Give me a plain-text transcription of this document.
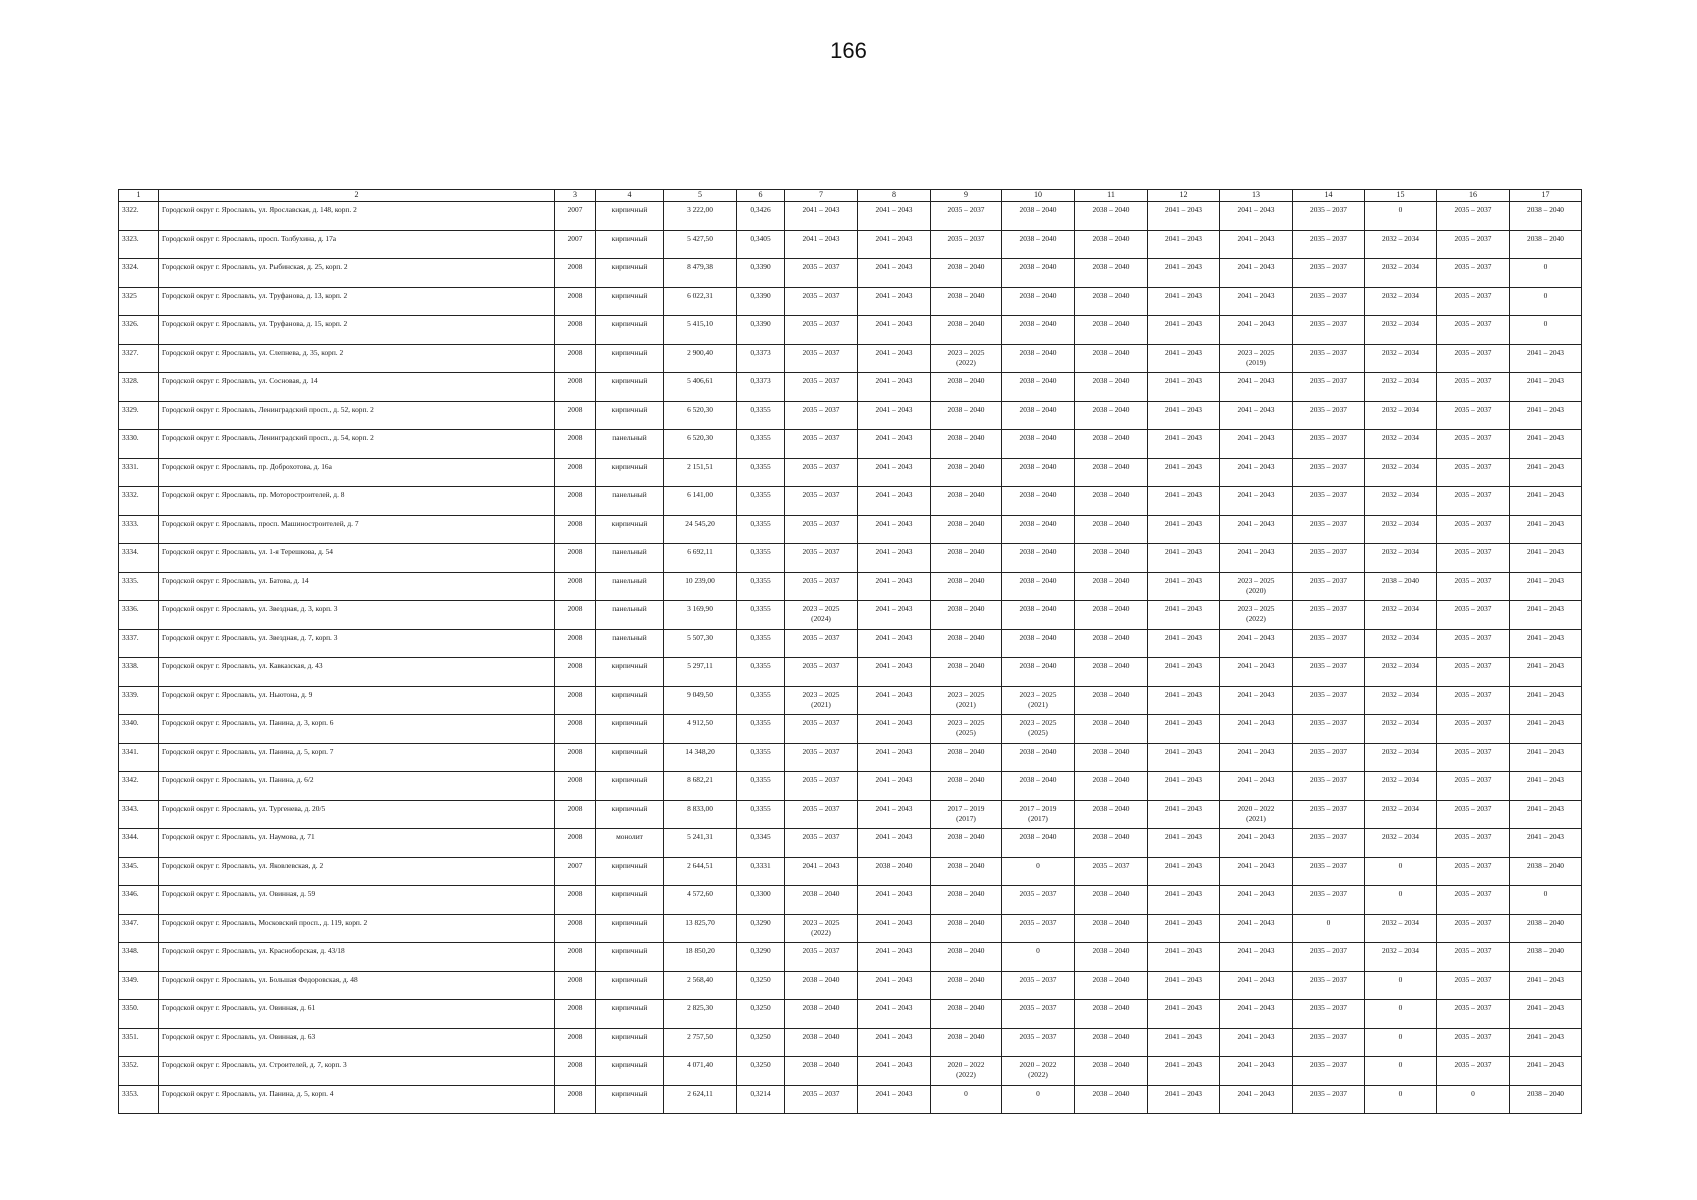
166
1	2	3	4	5	6	7	8	9	10	11	12	13	14	15	16	17

3322.	Городской округ г. Ярославль, ул. Ярославская, д. 148, корп. 2	2007	кирпичный	3 222,00	0,3426	2041 – 2043	2041 – 2043	2035 – 2037	2038 – 2040	2038 – 2040	2041 – 2043	2041 – 2043	2035 – 2037	0	2035 – 2037	2038 – 2040

3323.	Городской округ г. Ярославль, просп. Толбухина, д. 17а	2007	кирпичный	5 427,50	0,3405	2041 – 2043	2041 – 2043	2035 – 2037	2038 – 2040	2038 – 2040	2041 – 2043	2041 – 2043	2035 – 2037	2032 – 2034	2035 – 2037	2038 – 2040

3324.	Городской округ г. Ярославль, ул. Рыбинская, д. 25, корп. 2	2008	кирпичный	8 479,38	0,3390	2035 – 2037	2041 – 2043	2038 – 2040	2038 – 2040	2038 – 2040	2041 – 2043	2041 – 2043	2035 – 2037	2032 – 2034	2035 – 2037	0

3325	Городской округ г. Ярославль, ул. Труфанова, д. 13, корп. 2	2008	кирпичный	6 022,31	0,3390	2035 – 2037	2041 – 2043	2038 – 2040	2038 – 2040	2038 – 2040	2041 – 2043	2041 – 2043	2035 – 2037	2032 – 2034	2035 – 2037	0

3326.	Городской округ г. Ярославль, ул. Труфанова, д. 15, корп. 2	2008	кирпичный	5 415,10	0,3390	2035 – 2037	2041 – 2043	2038 – 2040	2038 – 2040	2038 – 2040	2041 – 2043	2041 – 2043	2035 – 2037	2032 – 2034	2035 – 2037	0

3327.	Городской округ г. Ярославль, ул. Слепнева, д. 35, корп. 2	2008	кирпичный	2 900,40	0,3373	2035 – 2037	2041 – 2043	2023 – 2025
(2022)	2038 – 2040	2038 – 2040	2041 – 2043	2023 – 2025
(2019)	2035 – 2037	2032 – 2034	2035 – 2037	2041 – 2043

3328.	Городской округ г. Ярославль, ул. Сосновая, д. 14	2008	кирпичный	5 406,61	0,3373	2035 – 2037	2041 – 2043	2038 – 2040	2038 – 2040	2038 – 2040	2041 – 2043	2041 – 2043	2035 – 2037	2032 – 2034	2035 – 2037	2041 – 2043

3329.	Городской округ г. Ярославль, Ленинградский просп., д. 52, корп. 2	2008	кирпичный	6 520,30	0,3355	2035 – 2037	2041 – 2043	2038 – 2040	2038 – 2040	2038 – 2040	2041 – 2043	2041 – 2043	2035 – 2037	2032 – 2034	2035 – 2037	2041 – 2043

3330.	Городской округ г. Ярославль, Ленинградский просп., д. 54, корп. 2	2008	панельный	6 520,30	0,3355	2035 – 2037	2041 – 2043	2038 – 2040	2038 – 2040	2038 – 2040	2041 – 2043	2041 – 2043	2035 – 2037	2032 – 2034	2035 – 2037	2041 – 2043

3331.	Городской округ г. Ярославль, пр. Доброхотова, д. 16а	2008	кирпичный	2 151,51	0,3355	2035 – 2037	2041 – 2043	2038 – 2040	2038 – 2040	2038 – 2040	2041 – 2043	2041 – 2043	2035 – 2037	2032 – 2034	2035 – 2037	2041 – 2043

3332.	Городской округ г. Ярославль, пр. Моторостроителей, д. 8	2008	панельный	6 141,00	0,3355	2035 – 2037	2041 – 2043	2038 – 2040	2038 – 2040	2038 – 2040	2041 – 2043	2041 – 2043	2035 – 2037	2032 – 2034	2035 – 2037	2041 – 2043

3333.	Городской округ г. Ярославль, просп. Машиностроителей, д. 7	2008	кирпичный	24 545,20	0,3355	2035 – 2037	2041 – 2043	2038 – 2040	2038 – 2040	2038 – 2040	2041 – 2043	2041 – 2043	2035 – 2037	2032 – 2034	2035 – 2037	2041 – 2043

3334.	Городской округ г. Ярославль, ул. 1-я Терешкова, д. 54	2008	панельный	6 692,11	0,3355	2035 – 2037	2041 – 2043	2038 – 2040	2038 – 2040	2038 – 2040	2041 – 2043	2041 – 2043	2035 – 2037	2032 – 2034	2035 – 2037	2041 – 2043

3335.	Городской округ г. Ярославль, ул. Батова, д. 14	2008	панельный	10 239,00	0,3355	2035 – 2037	2041 – 2043	2038 – 2040	2038 – 2040	2038 – 2040	2041 – 2043	2023 – 2025
(2020)	2035 – 2037	2038 – 2040	2035 – 2037	2041 – 2043

3336.	Городской округ г. Ярославль, ул. Звездная, д. 3, корп. 3	2008	панельный	3 169,90	0,3355	2023 – 2025
(2024)	2041 – 2043	2038 – 2040	2038 – 2040	2038 – 2040	2041 – 2043	2023 – 2025
(2022)	2035 – 2037	2032 – 2034	2035 – 2037	2041 – 2043

3337.	Городской округ г. Ярославль, ул. Звездная, д. 7, корп. 3	2008	панельный	5 507,30	0,3355	2035 – 2037	2041 – 2043	2038 – 2040	2038 – 2040	2038 – 2040	2041 – 2043	2041 – 2043	2035 – 2037	2032 – 2034	2035 – 2037	2041 – 2043

3338.	Городской округ г. Ярославль, ул. Кавказская, д. 43	2008	кирпичный	5 297,11	0,3355	2035 – 2037	2041 – 2043	2038 – 2040	2038 – 2040	2038 – 2040	2041 – 2043	2041 – 2043	2035 – 2037	2032 – 2034	2035 – 2037	2041 – 2043

3339.	Городской округ г. Ярославль, ул. Ньютона, д. 9	2008	кирпичный	9 049,50	0,3355	2023 – 2025
(2021)	2041 – 2043	2023 – 2025
(2021)	2023 – 2025
(2021)	2038 – 2040	2041 – 2043	2041 – 2043	2035 – 2037	2032 – 2034	2035 – 2037	2041 – 2043

3340.	Городской округ г. Ярославль, ул. Панина, д. 3, корп. 6	2008	кирпичный	4 912,50	0,3355	2035 – 2037	2041 – 2043	2023 – 2025
(2025)	2023 – 2025
(2025)	2038 – 2040	2041 – 2043	2041 – 2043	2035 – 2037	2032 – 2034	2035 – 2037	2041 – 2043

3341.	Городской округ г. Ярославль, ул. Панина, д. 5, корп. 7	2008	кирпичный	14 348,20	0,3355	2035 – 2037	2041 – 2043	2038 – 2040	2038 – 2040	2038 – 2040	2041 – 2043	2041 – 2043	2035 – 2037	2032 – 2034	2035 – 2037	2041 – 2043

3342.	Городской округ г. Ярославль, ул. Панина, д. 6/2	2008	кирпичный	8 682,21	0,3355	2035 – 2037	2041 – 2043	2038 – 2040	2038 – 2040	2038 – 2040	2041 – 2043	2041 – 2043	2035 – 2037	2032 – 2034	2035 – 2037	2041 – 2043

3343.	Городской округ г. Ярославль, ул. Тургенева, д. 20/5	2008	кирпичный	8 833,00	0,3355	2035 – 2037	2041 – 2043	2017 – 2019
(2017)	2017 – 2019
(2017)	2038 – 2040	2041 – 2043	2020 – 2022
(2021)	2035 – 2037	2032 – 2034	2035 – 2037	2041 – 2043

3344.	Городской округ г. Ярославль, ул. Наумова, д. 71	2008	монолит	5 241,31	0,3345	2035 – 2037	2041 – 2043	2038 – 2040	2038 – 2040	2038 – 2040	2041 – 2043	2041 – 2043	2035 – 2037	2032 – 2034	2035 – 2037	2041 – 2043

3345.	Городской округ г. Ярославль, ул. Яковлевская, д. 2	2007	кирпичный	2 644,51	0,3331	2041 – 2043	2038 – 2040	2038 – 2040	0	2035 – 2037	2041 – 2043	2041 – 2043	2035 – 2037	0	2035 – 2037	2038 – 2040

3346.	Городской округ г. Ярославль, ул. Овинная, д. 59	2008	кирпичный	4 572,60	0,3300	2038 – 2040	2041 – 2043	2038 – 2040	2035 – 2037	2038 – 2040	2041 – 2043	2041 – 2043	2035 – 2037	0	2035 – 2037	0

3347.	Городской округ г. Ярославль, Московский просп., д. 119, корп. 2	2008	кирпичный	13 825,70	0,3290	2023 – 2025
(2022)	2041 – 2043	2038 – 2040	2035 – 2037	2038 – 2040	2041 – 2043	2041 – 2043	0	2032 – 2034	2035 – 2037	2038 – 2040

3348.	Городской округ г. Ярославль, ул. Красноборская, д. 43/18	2008	кирпичный	18 850,20	0,3290	2035 – 2037	2041 – 2043	2038 – 2040	0	2038 – 2040	2041 – 2043	2041 – 2043	2035 – 2037	2032 – 2034	2035 – 2037	2038 – 2040

3349.	Городской округ г. Ярославль, ул. Большая Федоровская, д. 48	2008	кирпичный	2 568,40	0,3250	2038 – 2040	2041 – 2043	2038 – 2040	2035 – 2037	2038 – 2040	2041 – 2043	2041 – 2043	2035 – 2037	0	2035 – 2037	2041 – 2043

3350.	Городской округ г. Ярославль, ул. Овинная, д. 61	2008	кирпичный	2 825,30	0,3250	2038 – 2040	2041 – 2043	2038 – 2040	2035 – 2037	2038 – 2040	2041 – 2043	2041 – 2043	2035 – 2037	0	2035 – 2037	2041 – 2043

3351.	Городской округ г. Ярославль, ул. Овинная, д. 63	2008	кирпичный	2 757,50	0,3250	2038 – 2040	2041 – 2043	2038 – 2040	2035 – 2037	2038 – 2040	2041 – 2043	2041 – 2043	2035 – 2037	0	2035 – 2037	2041 – 2043

3352.	Городской округ г. Ярославль, ул. Строителей, д. 7, корп. 3	2008	кирпичный	4 071,40	0,3250	2038 – 2040	2041 – 2043	2020 – 2022
(2022)	2020 – 2022
(2022)	2038 – 2040	2041 – 2043	2041 – 2043	2035 – 2037	0	2035 – 2037	2041 – 2043

3353.	Городской округ г. Ярославль, ул. Панина, д. 5, корп. 4	2008	кирпичный	2 624,11	0,3214	2035 – 2037	2041 – 2043	0	0	2038 – 2040	2041 – 2043	2041 – 2043	2035 – 2037	0	0	2038 – 2040
